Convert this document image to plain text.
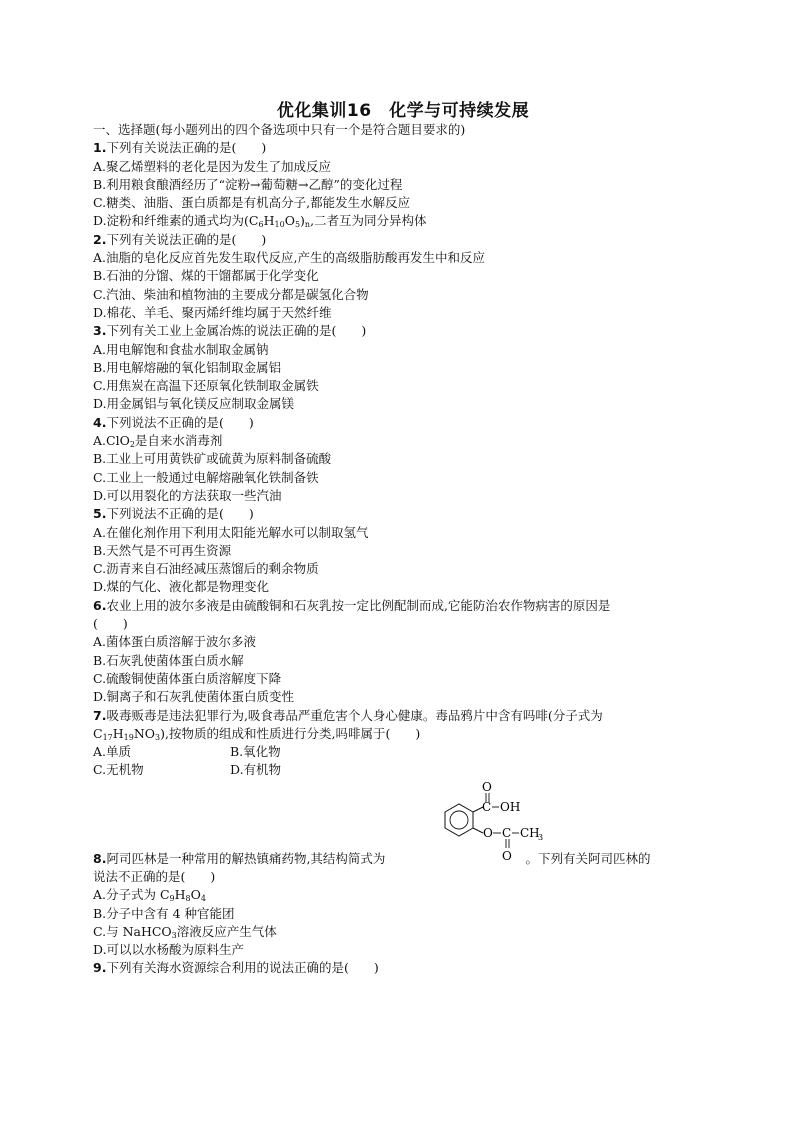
优化集训16　化学与可持续发展
一、选择题(每小题列出的四个备选项中只有一个是符合题目要求的)
1.下列有关说法正确的是(　　)
A.聚乙烯塑料的老化是因为发生了加成反应
B.利用粮食酿酒经历了“淀粉→葡萄糖→乙醇”的变化过程
C.糖类、油脂、蛋白质都是有机高分子,都能发生水解反应
D.淀粉和纤维素的通式均为$(C_6H_{10}O_5)_n$,二者互为同分异构体
2.下列有关说法正确的是(　　)
A.油脂的皂化反应首先发生取代反应,产生的高级脂肪酸再发生中和反应
B.石油的分馏、煤的干馏都属于化学变化
C.汽油、柴油和植物油的主要成分都是碳氢化合物
D.棉花、羊毛、聚丙烯纤维均属于天然纤维
3.下列有关工业上金属冶炼的说法正确的是(　　)
A.用电解饱和食盐水制取金属钠
B.用电解熔融的氧化铝制取金属铝
C.用焦炭在高温下还原氧化铁制取金属铁
D.用金属铝与氧化镁反应制取金属镁
4.下列说法不正确的是(　　)
A.ClO$_2$是自来水消毒剂
B.工业上可用黄铁矿或硫黄为原料制备硫酸
C.工业上一般通过电解熔融氧化铁制备铁
D.可以用裂化的方法获取一些汽油
5.下列说法不正确的是(　　)
A.在催化剂作用下利用太阳能光解水可以制取氢气
B.天然气是不可再生资源
C.沥青来自石油经减压蒸馏后的剩余物质
D.煤的气化、液化都是物理变化
6.农业上用的波尔多液是由硫酸铜和石灰乳按一定比例配制而成,它能防治农作物病害的原因是
(　　)
A.菌体蛋白质溶解于波尔多液
B.石灰乳使菌体蛋白质水解
C.硫酸铜使菌体蛋白质溶解度下降
D.铜离子和石灰乳使菌体蛋白质变性
7.吸毒贩毒是违法犯罪行为,吸食毒品严重危害个人身心健康。毒品鸦片中含有吗啡(分子式为
$C_{17}H_{19}NO_3$),按物质的组成和性质进行分类,吗啡属于(　　)
A.单质	B.氧化物
C.无机物	D.有机物
C
O
OH
O C
O
CH
3
8.阿司匹林是一种常用的解热镇痛药物,其结构简式为	。下列有关阿司匹林的
说法不正确的是(　　)
A.分子式为 $C_9H_8O_4$
B.分子中含有 4 种官能团
C.与 NaHCO$_3$溶液反应产生气体
D.可以以水杨酸为原料生产
9.下列有关海水资源综合利用的说法正确的是(　　)
